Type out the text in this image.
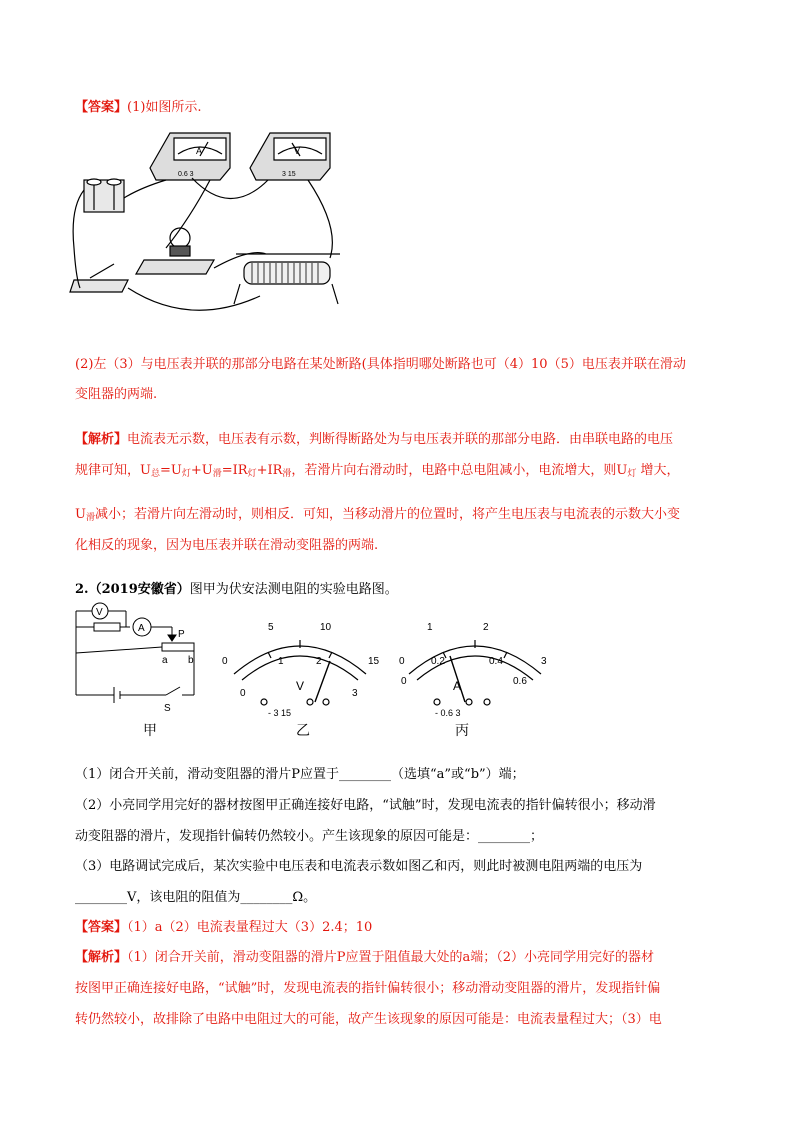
【答案】(1)如图所示.
A
0.6 3
V
3 15
(2)左（3）与电压表并联的那部分电路在某处断路(具体指明哪处断路也可（4）10（5）电压表并联在滑动
变阻器的两端.
【解析】电流表无示数，电压表有示数，判断得断路处为与电压表并联的那部分电路．由串联电路的电压
规律可知，$U_总=U_灯+U_滑=IR_灯+IR_滑$，若滑片向右滑动时，电路中总电阻减小，电流增大，则$U_灯$ 增大，
$U_滑$减小；若滑片向左滑动时，则相反．可知，当移动滑片的位置时，将产生电压表与电流表的示数大小变
化相反的现象，因为电压表并联在滑动变阻器的两端.
2.（2019安徽省）图甲为伏安法测电阻的实验电路图。
V
A
P
a b
S
甲
0
5	10
15
0
1	2
3
V
- 3 15
乙
0
1	2
3
0
0.2	0.4
0.6
A
- 0.6 3
丙
（1）闭合开关前，滑动变阻器的滑片P应置于________（选填“a”或“b”）端；
（2）小亮同学用完好的器材按图甲正确连接好电路，“试触”时，发现电流表的指针偏转很小；移动滑
动变阻器的滑片，发现指针偏转仍然较小。产生该现象的原因可能是：________；
（3）电路调试完成后，某次实验中电压表和电流表示数如图乙和丙，则此时被测电阻两端的电压为
________V，该电阻的阻值为________Ω。
【答案】（1）a（2）电流表量程过大（3）2.4；10
【解析】（1）闭合开关前，滑动变阻器的滑片P应置于阻值最大处的a端；（2）小亮同学用完好的器材
按图甲正确连接好电路，“试触”时，发现电流表的指针偏转很小；移动滑动变阻器的滑片，发现指针偏
转仍然较小，故排除了电路中电阻过大的可能，故产生该现象的原因可能是：电流表量程过大；（3）电
